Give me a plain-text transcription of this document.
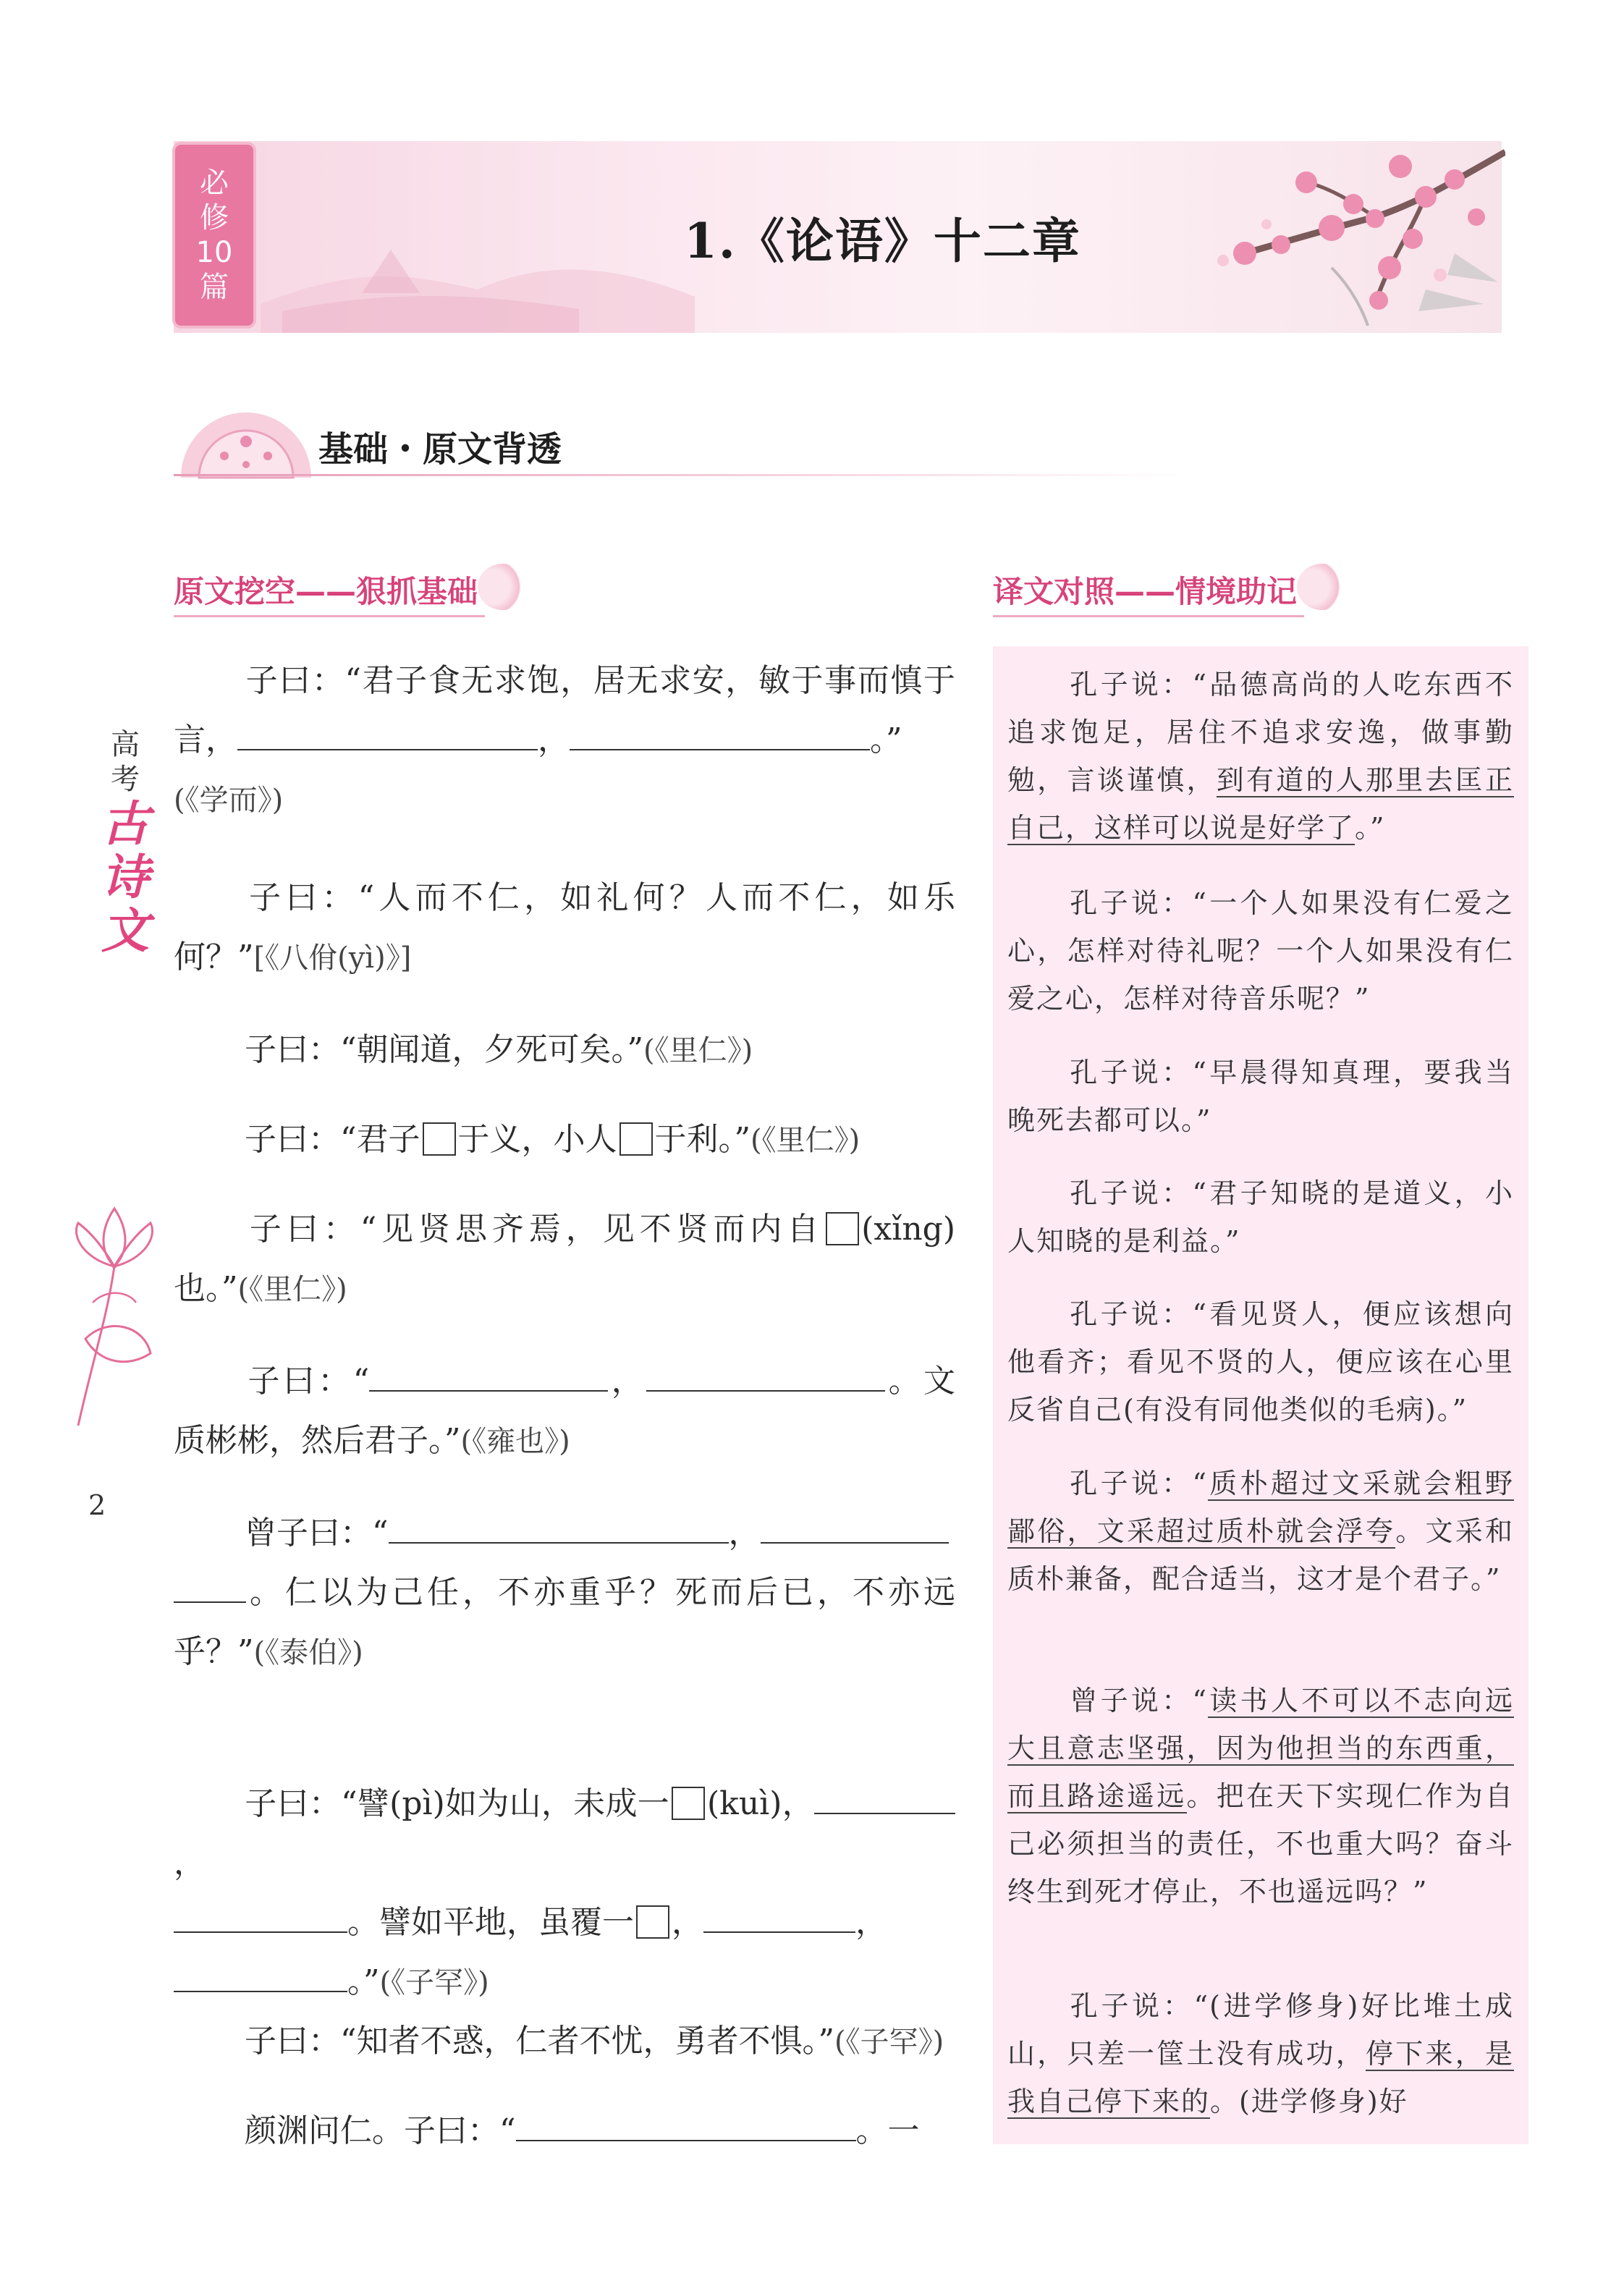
必
修
10
篇
1.《论语》十二章
基础・原文背透
高
考
古
诗
文
2
原文挖空——狠抓基础	译文对照——情境助记

子曰：“君子食无求饱，居无求安，敏于事而慎于言，	，	。”
(《学而》)

子曰：“人而不仁，如礼何？人而不仁，如乐何？”[《八佾(yì)》]

子曰：“朝闻道，夕死可矣。”(《里仁》)

子曰：“君子 于义，小人 于利。”(《里仁》)

子曰：“见贤思齐焉，见不贤而内自 (xǐng)也。”(《里仁》)

子曰：“	，	。文质彬彬，然后君子。”(《雍也》)

曾子曰：“	，
。仁以为己任，不亦重乎？死而后已，不亦远乎？”(《泰伯》)

子曰：“譬(pì)如为山，未成一 (kuì)，，
。譬如平地，虽覆一 ，	，
。”(《子罕》)

子曰：“知者不惑，仁者不忧，勇者不惧。”(《子罕》)

颜渊问仁。子曰：“	。一

孔子说：“品德高尚的人吃东西不追求饱足，居住不追求安逸，做事勤勉，言谈谨慎，到有道的人那里去匡正自己，这样可以说是好学了。”

孔子说：“一个人如果没有仁爱之心，怎样对待礼呢？一个人如果没有仁爱之心，怎样对待音乐呢？”

孔子说：“早晨得知真理，要我当晚死去都可以。”

孔子说：“君子知晓的是道义，小人知晓的是利益。”

孔子说：“看见贤人，便应该想向他看齐；看见不贤的人，便应该在心里反省自己(有没有同他类似的毛病)。”

孔子说：“质朴超过文采就会粗野鄙俗，文采超过质朴就会浮夸。文采和质朴兼备，配合适当，这才是个君子。”

曾子说：“读书人不可以不志向远大且意志坚强，因为他担当的东西重，而且路途遥远。把在天下实现仁作为自己必须担当的责任，不也重大吗？奋斗终生到死才停止，不也遥远吗？”

孔子说：“(进学修身)好比堆土成山，只差一筐土没有成功，停下来，是我自己停下来的。(进学修身)好
